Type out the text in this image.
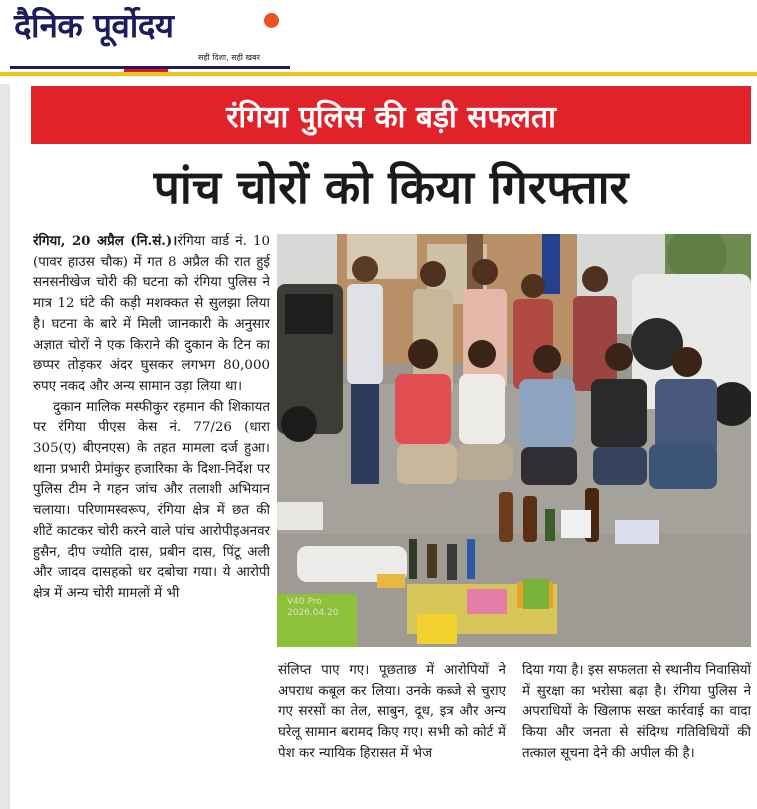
दैनिक पूर्वोदय
सही दिशा, सही खबर
रंगिया पुलिस की बड़ी सफलता
पांच चोरों को किया गिरफ्तार

रंगिया, 20 अप्रैल (नि.सं.)।रंगिया वार्ड नं. 10 (पावर हाउस चौक) में गत 8 अप्रैल की रात हुई सनसनीखेज चोरी की घटना को रंगिया पुलिस ने मात्र 12 घंटे की कड़ी मशक्कत से सुलझा लिया है। घटना के बारे में मिली जानकारी के अनुसार अज्ञात चोरों ने एक किराने की दुकान के टिन का छप्पर तोड़कर अंदर घुसकर लगभग 80,000 रुपए नकद और अन्य सामान उड़ा लिया था।

दुकान मालिक मस्फीकुर रहमान की शिकायत पर रंगिया पीएस केस नं. 77/26 (धारा 305(ए) बीएनएस) के तहत मामला दर्ज हुआ। थाना प्रभारी प्रेमांकुर हजारिका के दिशा-निर्देश पर पुलिस टीम ने गहन जांच और तलाशी अभियान चलाया। परिणामस्वरूप, रंगिया क्षेत्र में छत की शीटें काटकर चोरी करने वाले पांच आरोपीइअनवर हुसैन, दीप ज्योति दास, प्रबीन दास, पिंटू अली और जादव दासहको धर दबोचा गया। ये आरोपी क्षेत्र में अन्य चोरी मामलों में भी

V40 Pro
2026.04.20

संलिप्त पाए गए। पूछताछ में आरोपियों ने अपराध कबूल कर लिया। उनके कब्जे से चुराए गए सरसों का तेल, साबुन, दूध, इत्र और अन्य घरेलू सामान बरामद किए गए। सभी को कोर्ट में पेश कर न्यायिक हिरासत में भेज

दिया गया है। इस सफलता से स्थानीय निवासियों में सुरक्षा का भरोसा बढ़ा है। रंगिया पुलिस ने अपराधियों के खिलाफ सख्त कार्रवाई का वादा किया और जनता से संदिग्ध गतिविधियों की तत्काल सूचना देने की अपील की है।
